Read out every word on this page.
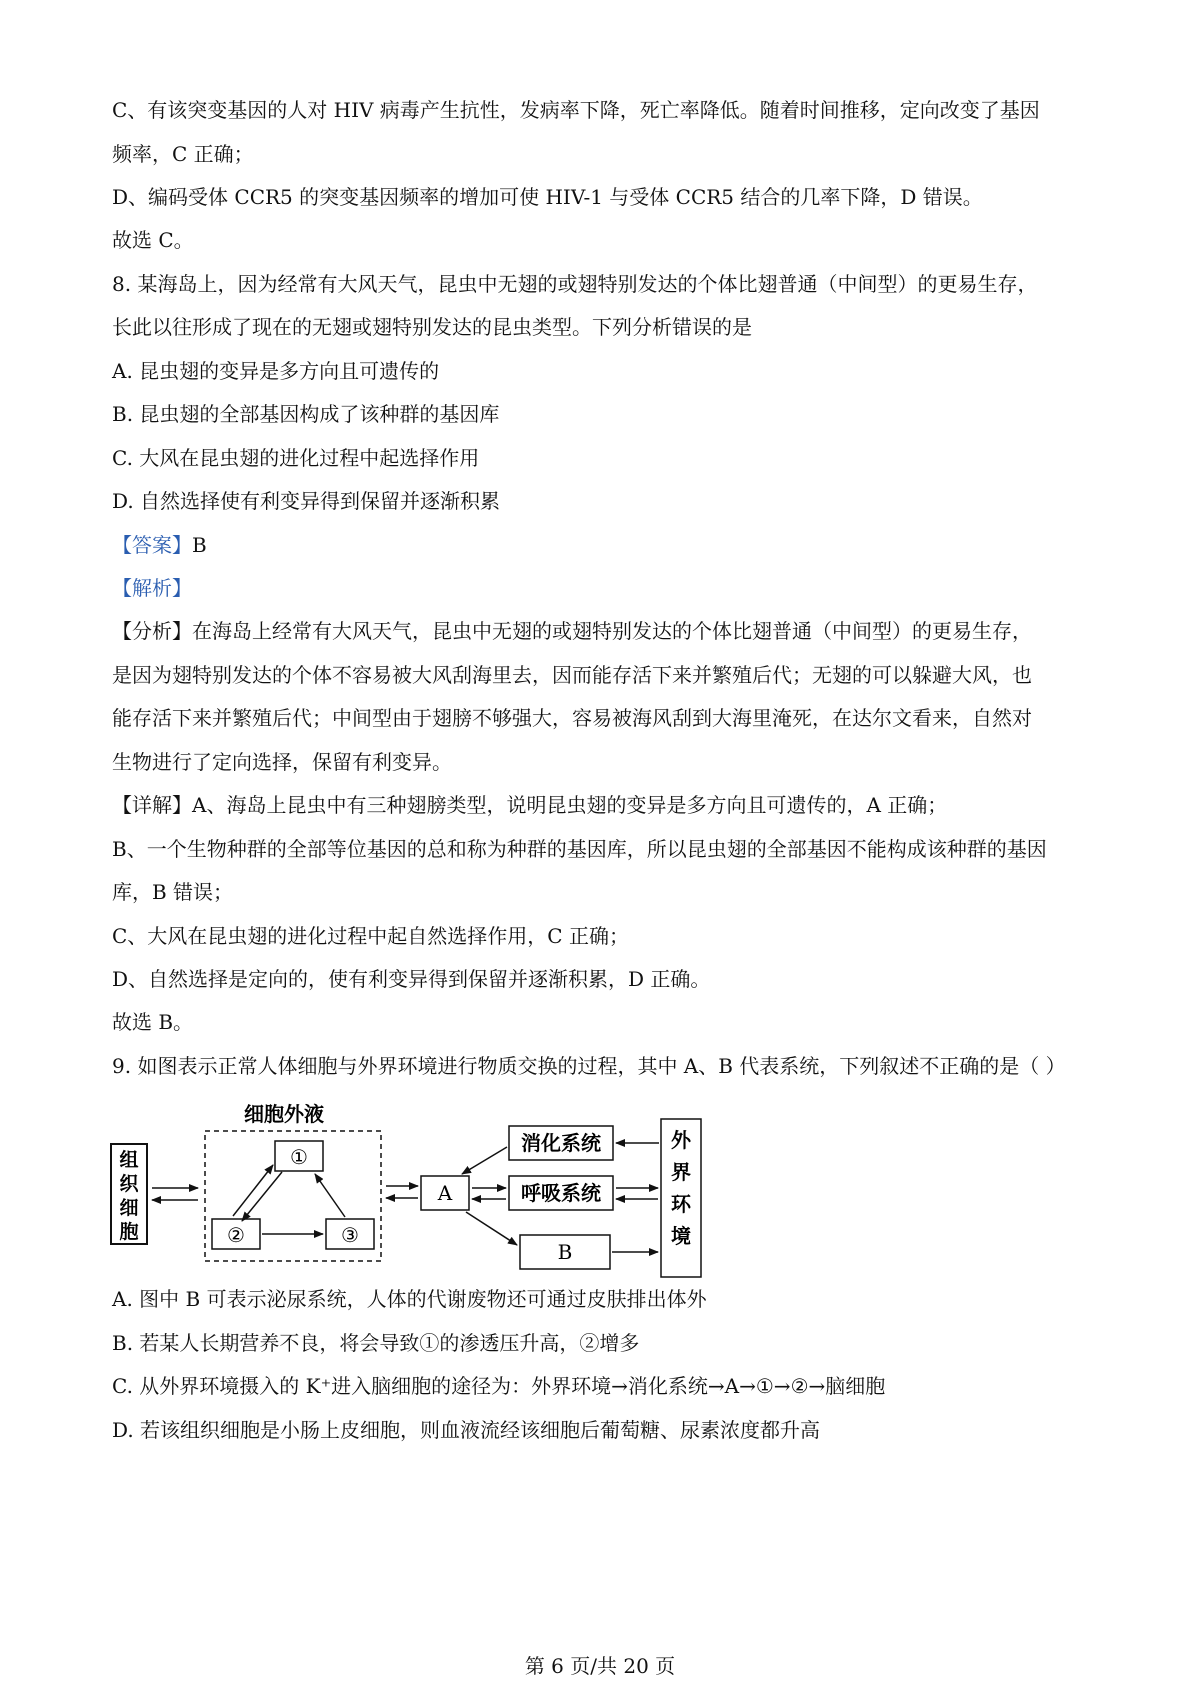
C、有该突变基因的人对 HIV 病毒产生抗性，发病率下降，死亡率降低。随着时间推移，定向改变了基因
频率，C 正确；
D、编码受体 CCR5 的突变基因频率的增加可使 HIV-1 与受体 CCR5 结合的几率下降，D 错误。
故选 C。
8. 某海岛上，因为经常有大风天气，昆虫中无翅的或翅特别发达的个体比翅普通（中间型）的更易生存，
长此以往形成了现在的无翅或翅特别发达的昆虫类型。下列分析错误的是
A. 昆虫翅的变异是多方向且可遗传的
B. 昆虫翅的全部基因构成了该种群的基因库
C. 大风在昆虫翅的进化过程中起选择作用
D. 自然选择使有利变异得到保留并逐渐积累
【答案】B
【解析】
【分析】在海岛上经常有大风天气，昆虫中无翅的或翅特别发达的个体比翅普通（中间型）的更易生存，
是因为翅特别发达的个体不容易被大风刮海里去，因而能存活下来并繁殖后代；无翅的可以躲避大风，也
能存活下来并繁殖后代；中间型由于翅膀不够强大，容易被海风刮到大海里淹死，在达尔文看来，自然对
生物进行了定向选择，保留有利变异。
【详解】A、海岛上昆虫中有三种翅膀类型，说明昆虫翅的变异是多方向且可遗传的，A 正确；
B、一个生物种群的全部等位基因的总和称为种群的基因库，所以昆虫翅的全部基因不能构成该种群的基因
库，B 错误；
C、大风在昆虫翅的进化过程中起自然选择作用，C 正确；
D、自然选择是定向的，使有利变异得到保留并逐渐积累，D 正确。
故选 B。
9. 如图表示正常人体细胞与外界环境进行物质交换的过程，其中 A、B 代表系统，下列叙述不正确的是（ ）
组
织
细
胞
细胞外液
①
②	③
A
消化系统
呼吸系统
B
外
界
环
境
A. 图中 B 可表示泌尿系统，人体的代谢废物还可通过皮肤排出体外
B. 若某人长期营养不良，将会导致①的渗透压升高，②增多
C. 从外界环境摄入的 K⁺进入脑细胞的途径为：外界环境→消化系统→A→①→②→脑细胞
D. 若该组织细胞是小肠上皮细胞，则血液流经该细胞后葡萄糖、尿素浓度都升高
第 6 页/共 20 页
